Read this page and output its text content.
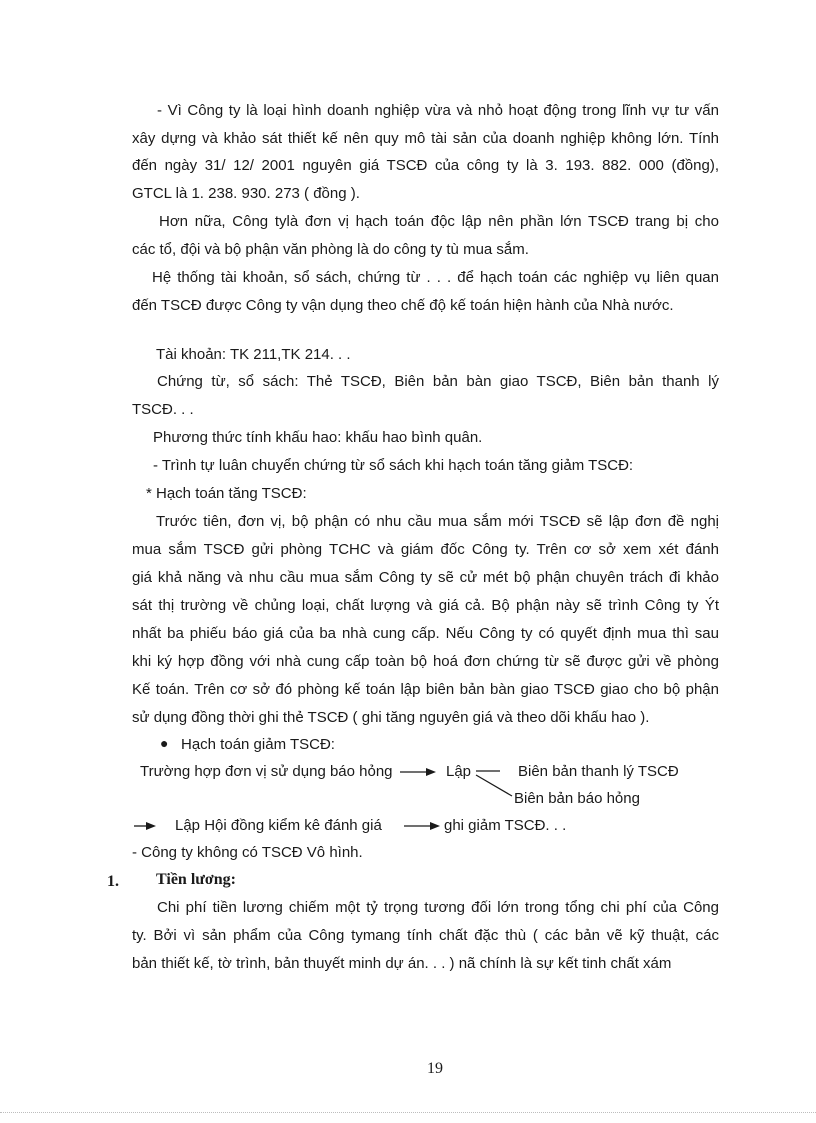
- Vì Công ty là loại hình doanh nghiệp vừa và nhỏ hoạt động trong lĩnh vự tư vấn

xây dựng và khảo sát thiết kế nên quy mô tài sản của doanh nghiệp không lớn. Tính

đến ngày 31/ 12/ 2001 nguyên giá TSCĐ của công ty là 3. 193. 882. 000 (đồng),

GTCL là 1. 238. 930. 273 ( đồng ).

Hơn nữa, Công tylà đơn vị hạch toán độc lập nên phần lớn TSCĐ trang bị cho

các tổ, đội và bộ phận văn phòng là do công ty tù mua sắm.

Hệ thống tài khoản, sổ sách, chứng từ . . . để hạch toán các nghiệp vụ liên quan

đến TSCĐ được Công ty vận dụng theo chế độ kế toán hiện hành của Nhà nước.

Tài khoản: TK 211,TK 214. . .

Chứng từ, sổ sách: Thẻ TSCĐ, Biên bản bàn giao TSCĐ, Biên bản thanh lý

TSCĐ. . .

Phương thức tính khấu hao: khấu hao bình quân.

- Trình tự luân chuyển chứng từ sổ sách khi hạch toán tăng giảm TSCĐ:

* Hạch toán tăng TSCĐ:

Trước tiên, đơn vị, bộ phận có nhu cầu mua sắm mới TSCĐ sẽ lập đơn đề nghị

mua sắm TSCĐ gửi phòng TCHC và giám đốc Công ty. Trên cơ sở xem xét đánh

giá khả năng và nhu cầu mua sắm Công ty sẽ cử mét bộ phận chuyên trách đi khảo

sát thị trường về chủng loại, chất lượng và giá cả. Bộ phận này sẽ trình Công ty Ýt

nhất ba phiếu báo giá của ba nhà cung cấp. Nếu Công ty có quyết định mua thì sau

khi ký hợp đồng với nhà cung cấp toàn bộ hoá đơn chứng từ sẽ được gửi về phòng

Kế toán. Trên cơ sở đó phòng kế toán lập biên bản bàn giao TSCĐ giao cho bộ phận

sử dụng đồng thời ghi thẻ TSCĐ ( ghi tăng nguyên giá và theo dõi khấu hao ).

● Hạch toán giảm TSCĐ:

Trường hợp đơn vị sử dụng báo hỏng	Lập	Biên bản thanh lý TSCĐ

Biên bản báo hỏng

Lập Hội đồng kiểm kê đánh giá	ghi giảm TSCĐ. . .

- Công ty không có TSCĐ Vô hình.

1. Tiền lương:

Chi phí tiền lương chiếm một tỷ trọng tương đối lớn trong tổng chi phí của Công

ty. Bởi vì sản phẩm của Công tymang tính chất đặc thù ( các bản vẽ kỹ thuật, các

bản thiết kế, tờ trình, bản thuyết minh dự án. . . ) nã chính là sự kết tinh chất xám

19
